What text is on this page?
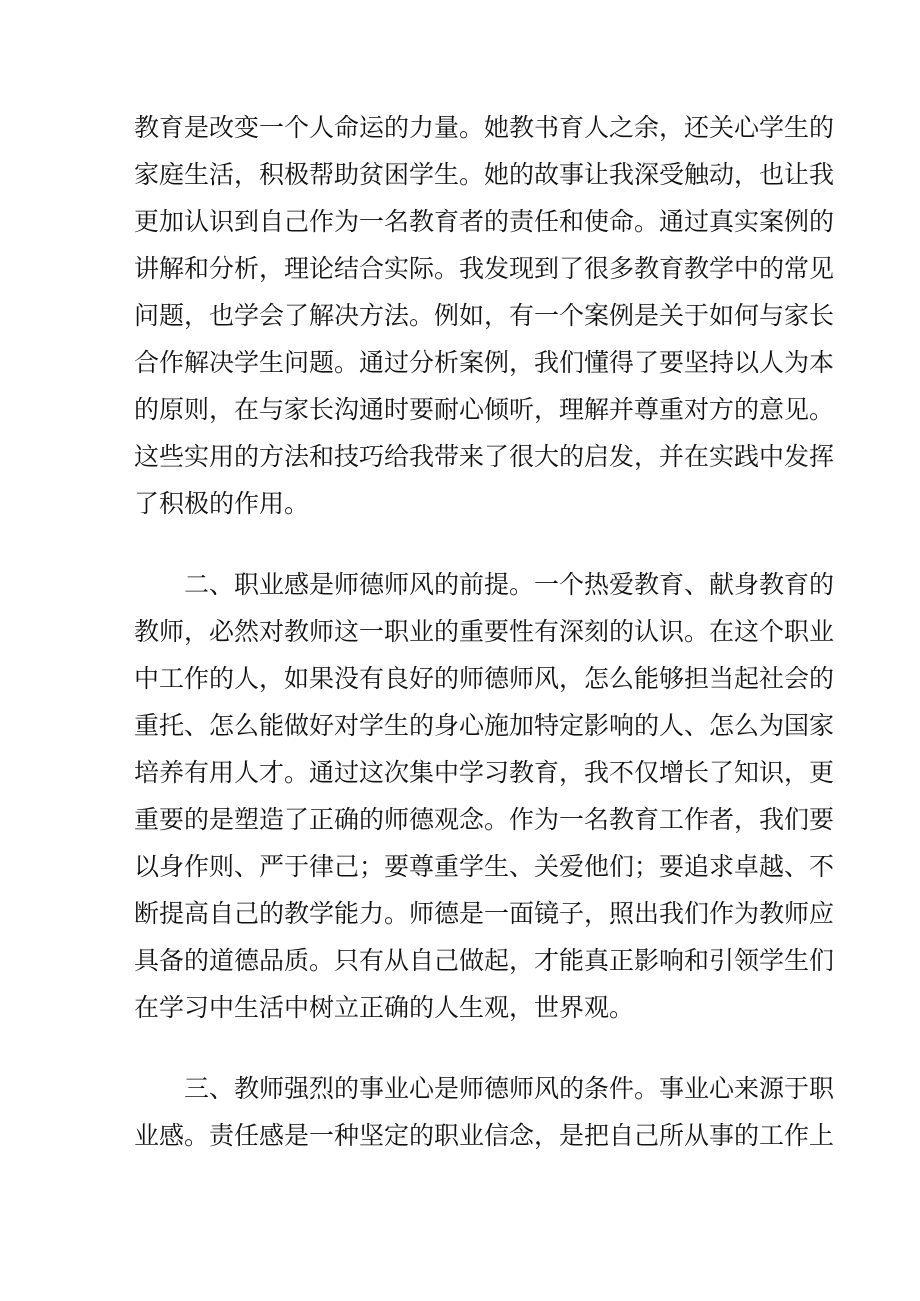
教育是改变一个人命运的力量。她教书育人之余，还关心学生的
家庭生活，积极帮助贫困学生。她的故事让我深受触动，也让我
更加认识到自己作为一名教育者的责任和使命。通过真实案例的
讲解和分析，理论结合实际。我发现到了很多教育教学中的常见
问题，也学会了解决方法。例如，有一个案例是关于如何与家长
合作解决学生问题。通过分析案例，我们懂得了要坚持以人为本
的原则，在与家长沟通时要耐心倾听，理解并尊重对方的意见。
这些实用的方法和技巧给我带来了很大的启发，并在实践中发挥
了积极的作用。
二、职业感是师德师风的前提。一个热爱教育、献身教育的
教师，必然对教师这一职业的重要性有深刻的认识。在这个职业
中工作的人，如果没有良好的师德师风，怎么能够担当起社会的
重托、怎么能做好对学生的身心施加特定影响的人、怎么为国家
培养有用人才。通过这次集中学习教育，我不仅增长了知识，更
重要的是塑造了正确的师德观念。作为一名教育工作者，我们要
以身作则、严于律己；要尊重学生、关爱他们；要追求卓越、不
断提高自己的教学能力。师德是一面镜子，照出我们作为教师应
具备的道德品质。只有从自己做起，才能真正影响和引领学生们
在学习中生活中树立正确的人生观，世界观。
三、教师强烈的事业心是师德师风的条件。事业心来源于职
业感。责任感是一种坚定的职业信念，是把自己所从事的工作上
